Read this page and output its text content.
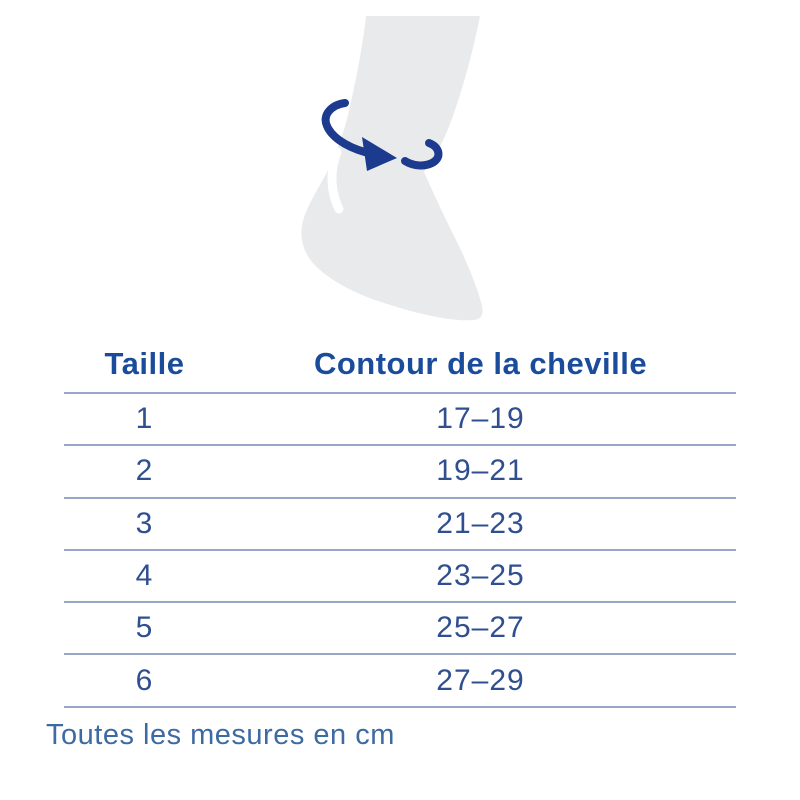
Taille	Contour de la cheville
1	17–19
2	19–21
3	21–23
4	23–25
5	25–27
6	27–29
Toutes les mesures en cm
